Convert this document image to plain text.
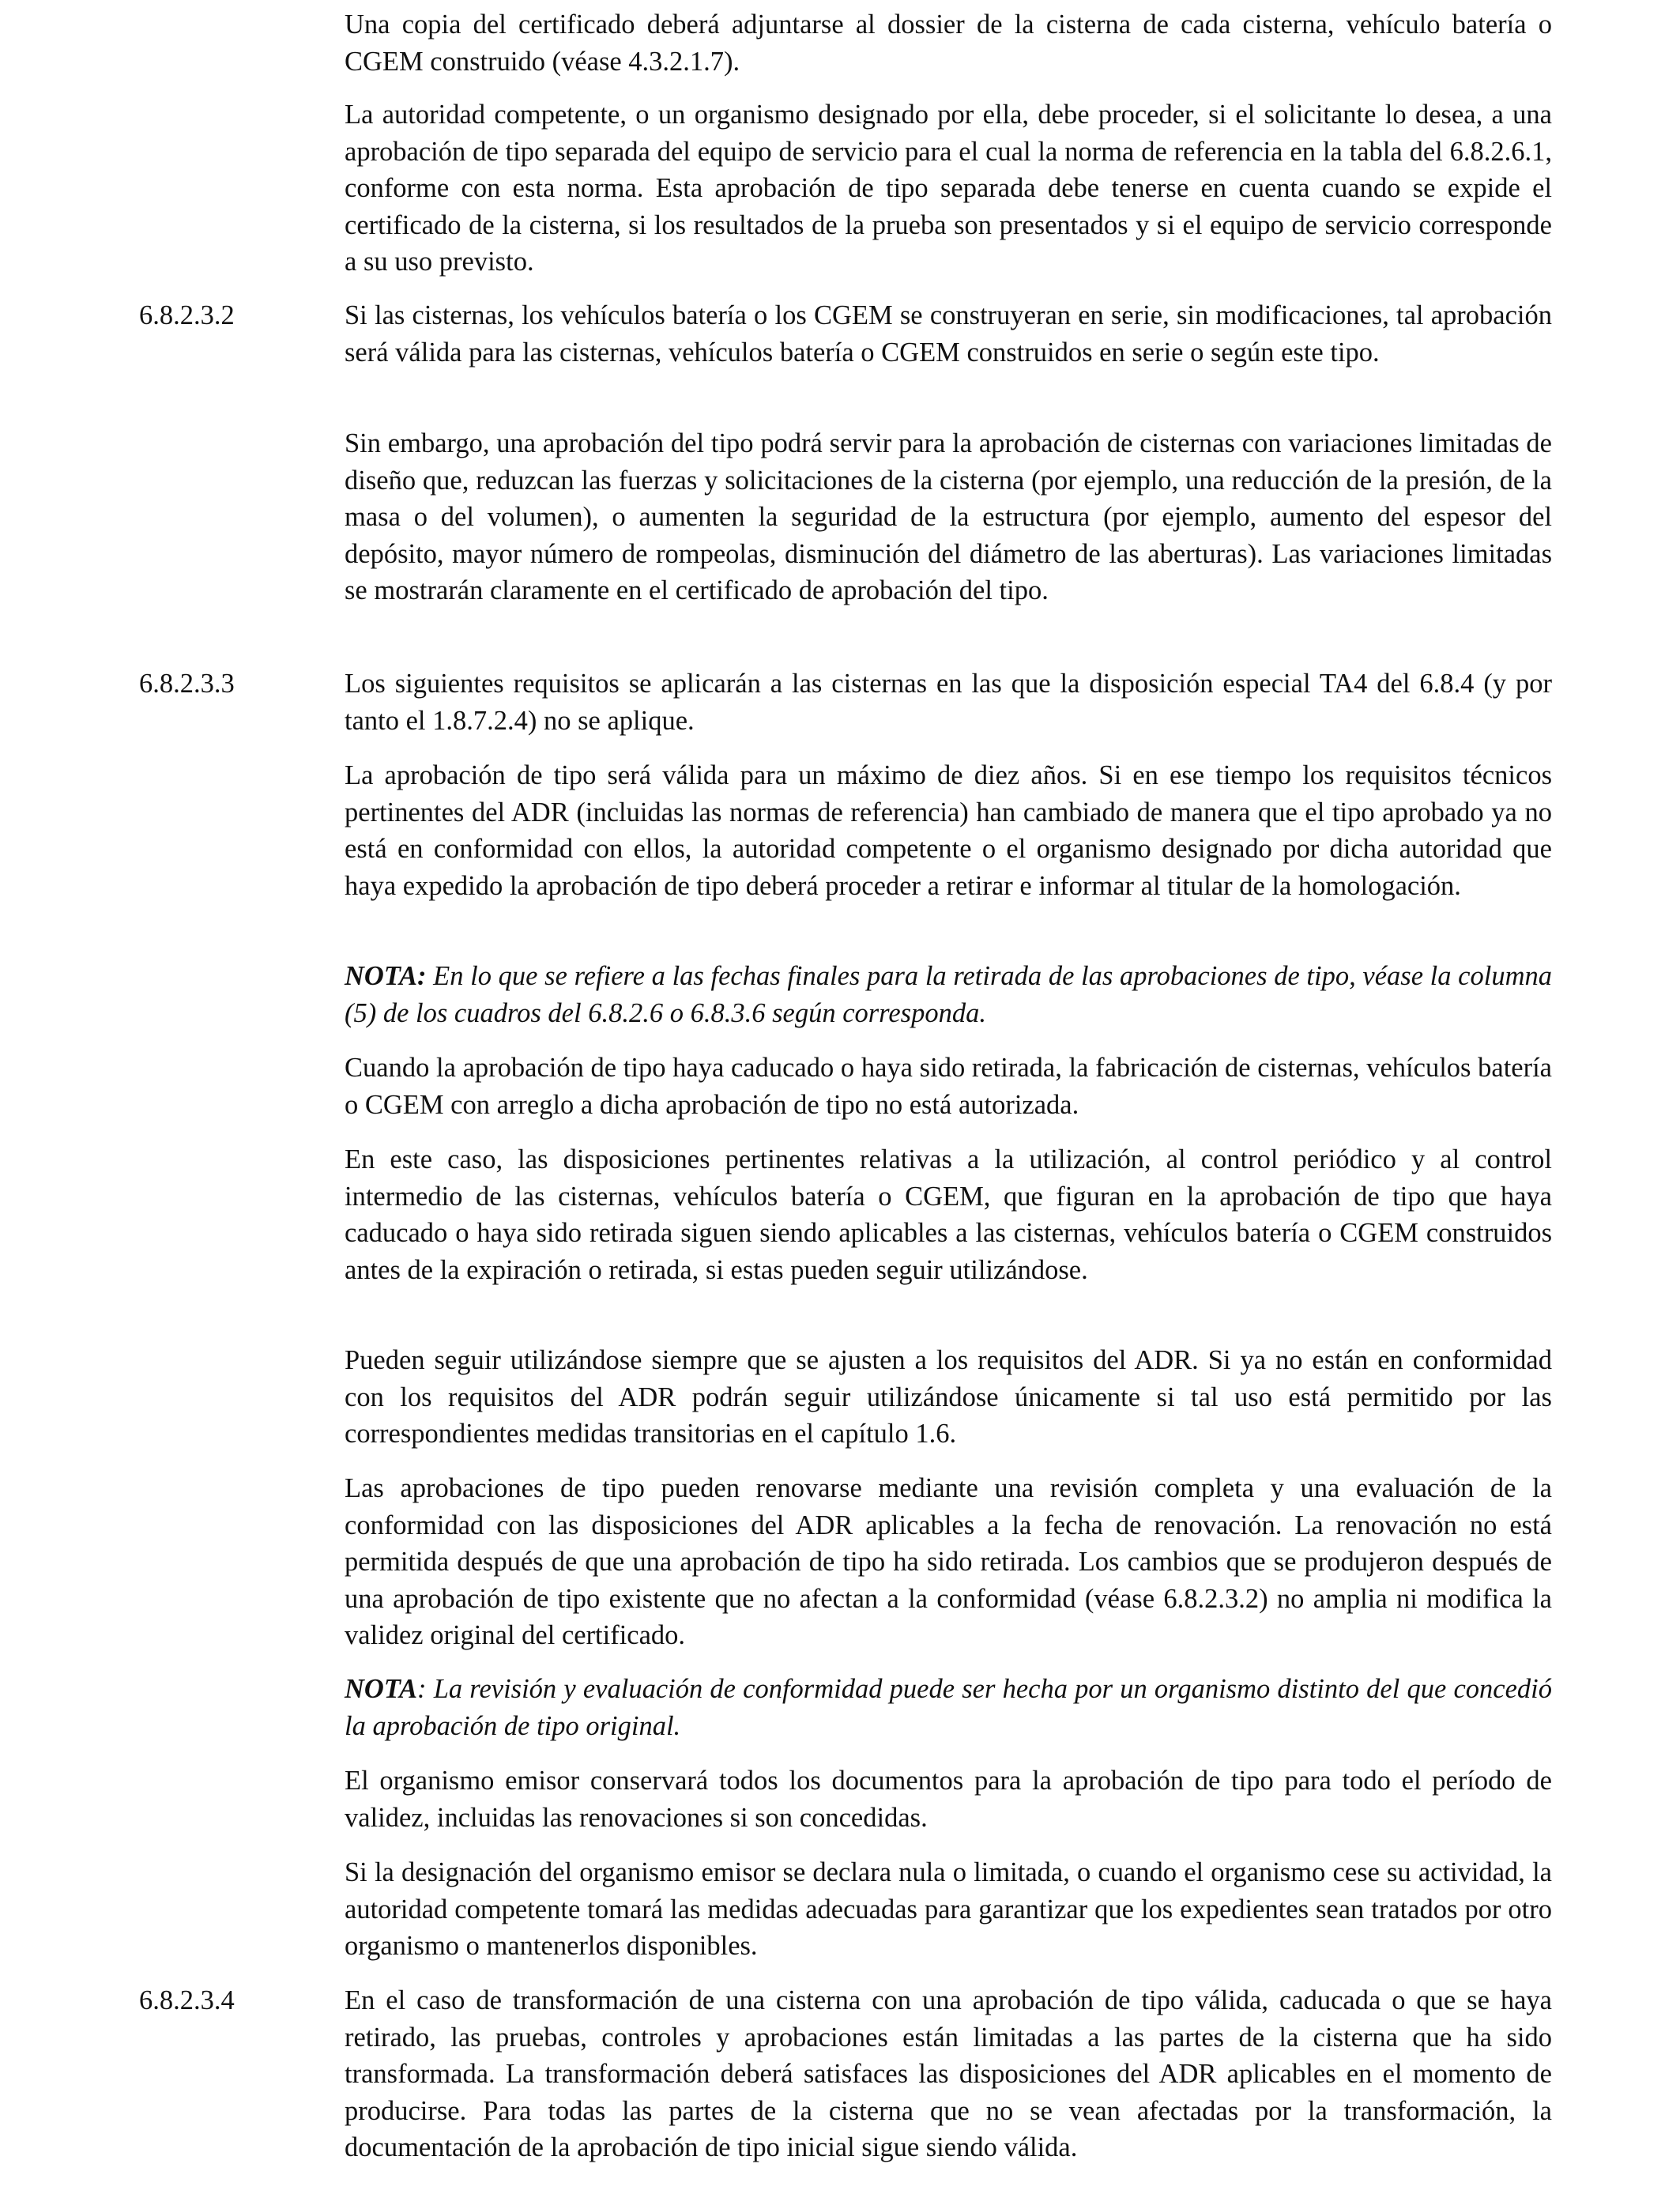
Una copia del certificado deberá adjuntarse al dossier de la cisterna de cada cisterna, vehículo batería o CGEM construido (véase 4.3.2.1.7).

La autoridad competente, o un organismo designado por ella, debe proceder, si el solicitante lo desea, a una aprobación de tipo separada del equipo de servicio para el cual la norma de referencia en la tabla del 6.8.2.6.1, conforme con esta norma. Esta aprobación de tipo separada debe tenerse en cuenta cuando se expide el certificado de la cisterna, si los resultados de la prueba son presentados y si el equipo de servicio corresponde a su uso previsto.

6.8.2.3.2	Si las cisternas, los vehículos batería o los CGEM se construyeran en serie, sin modificaciones, tal aprobación será válida para las cisternas, vehículos batería o CGEM construidos en serie o según este tipo.

Sin embargo, una aprobación del tipo podrá servir para la aprobación de cisternas con variaciones limitadas de diseño que, reduzcan las fuerzas y solicitaciones de la cisterna (por ejemplo, una reducción de la presión, de la masa o del volumen), o aumenten la seguridad de la estructura (por ejemplo, aumento del espesor del depósito, mayor número de rompeolas, disminución del diámetro de las aberturas). Las variaciones limitadas se mostrarán claramente en el certificado de aprobación del tipo.

6.8.2.3.3	Los siguientes requisitos se aplicarán a las cisternas en las que la disposición especial TA4 del 6.8.4 (y por tanto el 1.8.7.2.4) no se aplique.

La aprobación de tipo será válida para un máximo de diez años. Si en ese tiempo los requisitos técnicos pertinentes del ADR (incluidas las normas de referencia) han cambiado de manera que el tipo aprobado ya no está en conformidad con ellos, la autoridad competente o el organismo designado por dicha autoridad que haya expedido la aprobación de tipo deberá proceder a retirar e informar al titular de la homologación.

NOTA: En lo que se refiere a las fechas finales para la retirada de las aprobaciones de tipo, véase la columna (5) de los cuadros del 6.8.2.6 o 6.8.3.6 según corresponda.

Cuando la aprobación de tipo haya caducado o haya sido retirada, la fabricación de cisternas, vehículos batería o CGEM con arreglo a dicha aprobación de tipo no está autorizada.

En este caso, las disposiciones pertinentes relativas a la utilización, al control periódico y al control intermedio de las cisternas, vehículos batería o CGEM, que figuran en la aprobación de tipo que haya caducado o haya sido retirada siguen siendo aplicables a las cisternas, vehículos batería o CGEM construidos antes de la expiración o retirada, si estas pueden seguir utilizándose.

Pueden seguir utilizándose siempre que se ajusten a los requisitos del ADR. Si ya no están en conformidad con los requisitos del ADR podrán seguir utilizándose únicamente si tal uso está permitido por las correspondientes medidas transitorias en el capítulo 1.6.

Las aprobaciones de tipo pueden renovarse mediante una revisión completa y una evaluación de la conformidad con las disposiciones del ADR aplicables a la fecha de renovación. La renovación no está permitida después de que una aprobación de tipo ha sido retirada. Los cambios que se produjeron después de una aprobación de tipo existente que no afectan a la conformidad (véase 6.8.2.3.2) no amplia ni modifica la validez original del certificado.

NOTA: La revisión y evaluación de conformidad puede ser hecha por un organismo distinto del que concedió la aprobación de tipo original.

El organismo emisor conservará todos los documentos para la aprobación de tipo para todo el período de validez, incluidas las renovaciones si son concedidas.

Si la designación del organismo emisor se declara nula o limitada, o cuando el organismo cese su actividad, la autoridad competente tomará las medidas adecuadas para garantizar que los expedientes sean tratados por otro organismo o mantenerlos disponibles.

6.8.2.3.4	En el caso de transformación de una cisterna con una aprobación de tipo válida, caducada o que se haya retirado, las pruebas, controles y aprobaciones están limitadas a las partes de la cisterna que ha sido transformada. La transformación deberá satisfaces las disposiciones del ADR aplicables en el momento de producirse. Para todas las partes de la cisterna que no se vean afectadas por la transformación, la documentación de la aprobación de tipo inicial sigue siendo válida.
